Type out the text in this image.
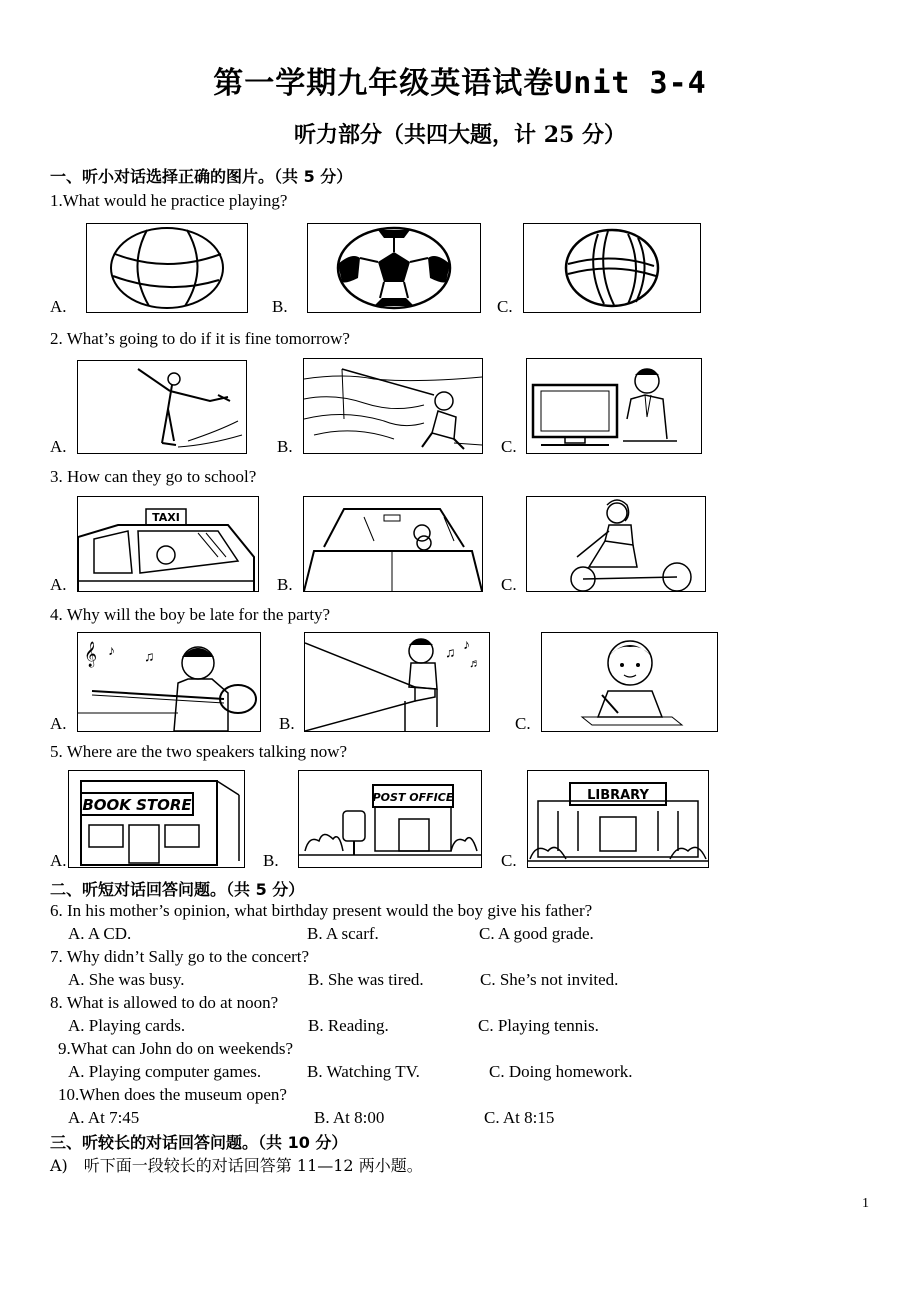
第一学期九年级英语试卷Unit 3-4
听力部分（共四大题，计 25 分）
一、听小对话选择正确的图片。（共 5 分）
1.What would he practice playing?
A.	B.	C.
2. What’s going to do if it is fine tomorrow?
A.	B.	C.
3. How can they go to school?
A.
TAXI
B.	C.
4. Why will the boy be late for the party?
A.
𝄞 ♪ ♫
B.
♫
♪
♬
C.
5. Where are the two speakers talking now?
A.
BOOK STORE
B.
POST OFFICE
C.
LIBRARY
二、听短对话回答问题。（共 5 分）
6. In his mother’s opinion, what birthday present would the boy give his father?
A. A CD.	B. A scarf.	C. A good grade.
7. Why didn’t Sally go to the concert?
A. She was busy.	B. She was tired.	C. She’s not invited.
8. What is allowed to do at noon?
A. Playing cards.	B. Reading.	C. Playing tennis.
9.What can John do on weekends?
A. Playing computer games.	B. Watching TV.	C. Doing homework.
10.When does the museum open?
A. At 7:45	B. At 8:00	C. At 8:15
三、听较长的对话回答问题。（共 10 分）
A)　听下面一段较长的对话回答第 11—12 两小题。
1
